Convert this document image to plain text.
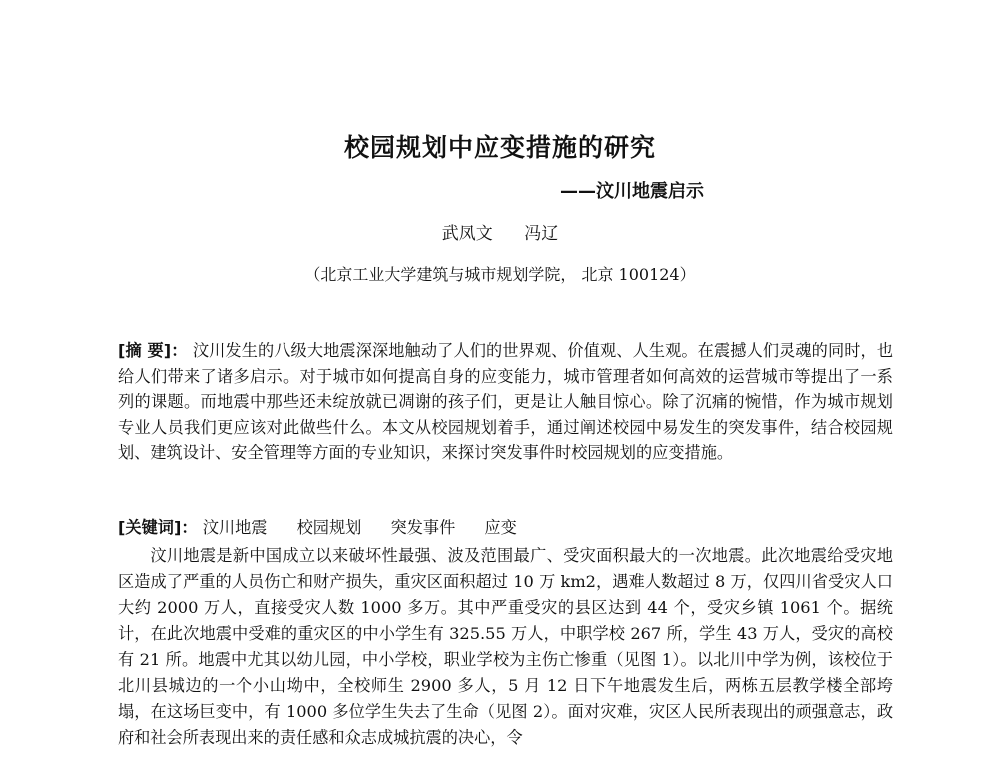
校园规划中应变措施的研究
——汶川地震启示
武凤文 冯辽
（北京工业大学建筑与城市规划学院， 北京 100124）
[摘 要]： 汶川发生的八级大地震深深地触动了人们的世界观、价值观、人生观。在震撼人们灵魂的同时，也给人们带来了诸多启示。对于城市如何提高自身的应变能力，城市管理者如何高效的运营城市等提出了一系列的课题。而地震中那些还未绽放就已凋谢的孩子们，更是让人触目惊心。除了沉痛的惋惜，作为城市规划专业人员我们更应该对此做些什么。本文从校园规划着手，通过阐述校园中易发生的突发事件，结合校园规划、建筑设计、安全管理等方面的专业知识，来探讨突发事件时校园规划的应变措施。
[关键词]： 汶川地震 校园规划 突发事件 应变
汶川地震是新中国成立以来破坏性最强、波及范围最广、受灾面积最大的一次地震。此次地震给受灾地区造成了严重的人员伤亡和财产损失，重灾区面积超过 10 万 km2，遇难人数超过 8 万，仅四川省受灾人口大约 2000 万人，直接受灾人数 1000 多万。其中严重受灾的县区达到 44 个，受灾乡镇 1061 个。据统计，在此次地震中受难的重灾区的中小学生有 325.55 万人，中职学校 267 所，学生 43 万人，受灾的高校有 21 所。地震中尤其以幼儿园，中小学校，职业学校为主伤亡惨重（见图 1）。以北川中学为例，该校位于北川县城边的一个小山坳中，全校师生 2900 多人，5 月 12 日下午地震发生后，两栋五层教学楼全部垮塌，在这场巨变中，有 1000 多位学生失去了生命（见图 2）。面对灾难，灾区人民所表现出的顽强意志，政府和社会所表现出来的责任感和众志成城抗震的决心，令
